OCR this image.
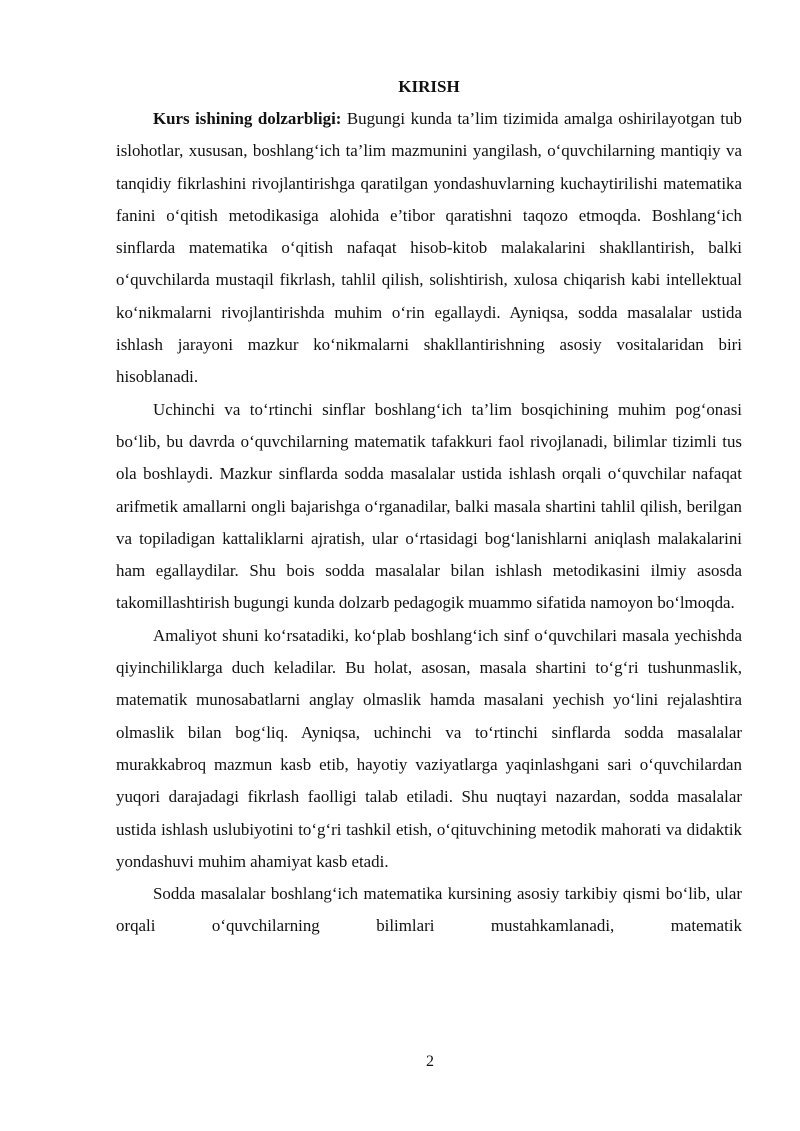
KIRISH

Kurs ishining dolzarbligi: Bugungi kunda ta’lim tizimida amalga oshirilayotgan tub islohotlar, xususan, boshlang‘ich ta’lim mazmunini yangilash, o‘quvchilarning mantiqiy va tanqidiy fikrlashini rivojlantirishga qaratilgan yondashuvlarning kuchaytirilishi matematika fanini o‘qitish metodikasiga alohida e’tibor qaratishni taqozo etmoqda. Boshlang‘ich sinflarda matematika o‘qitish nafaqat hisob-kitob malakalarini shakllantirish, balki o‘quvchilarda mustaqil fikrlash, tahlil qilish, solishtirish, xulosa chiqarish kabi intellektual ko‘nikmalarni rivojlantirishda muhim o‘rin egallaydi. Ayniqsa, sodda masalalar ustida ishlash jarayoni mazkur ko‘nikmalarni shakllantirishning asosiy vositalaridan biri hisoblanadi.

Uchinchi va to‘rtinchi sinflar boshlang‘ich ta’lim bosqichining muhim pog‘onasi bo‘lib, bu davrda o‘quvchilarning matematik tafakkuri faol rivojlanadi, bilimlar tizimli tus ola boshlaydi. Mazkur sinflarda sodda masalalar ustida ishlash orqali o‘quvchilar nafaqat arifmetik amallarni ongli bajarishga o‘rganadilar, balki masala shartini tahlil qilish, berilgan va topiladigan kattaliklarni ajratish, ular o‘rtasidagi bog‘lanishlarni aniqlash malakalarini ham egallaydilar. Shu bois sodda masalalar bilan ishlash metodikasini ilmiy asosda takomillashtirish bugungi kunda dolzarb pedagogik muammo sifatida namoyon bo‘lmoqda.

Amaliyot shuni ko‘rsatadiki, ko‘plab boshlang‘ich sinf o‘quvchilari masala yechishda qiyinchiliklarga duch keladilar. Bu holat, asosan, masala shartini to‘g‘ri tushunmaslik, matematik munosabatlarni anglay olmaslik hamda masalani yechish yo‘lini rejalashtira olmaslik bilan bog‘liq. Ayniqsa, uchinchi va to‘rtinchi sinflarda sodda masalalar murakkabroq mazmun kasb etib, hayotiy vaziyatlarga yaqinlashgani sari o‘quvchilardan yuqori darajadagi fikrlash faolligi talab etiladi. Shu nuqtayi nazardan, sodda masalalar ustida ishlash uslubiyotini to‘g‘ri tashkil etish, o‘qituvchining metodik mahorati va didaktik yondashuvi muhim ahamiyat kasb etadi.

Sodda masalalar boshlang‘ich matematika kursining asosiy tarkibiy qismi bo‘lib, ular orqali o‘quvchilarning bilimlari mustahkamlanadi, matematik

2
